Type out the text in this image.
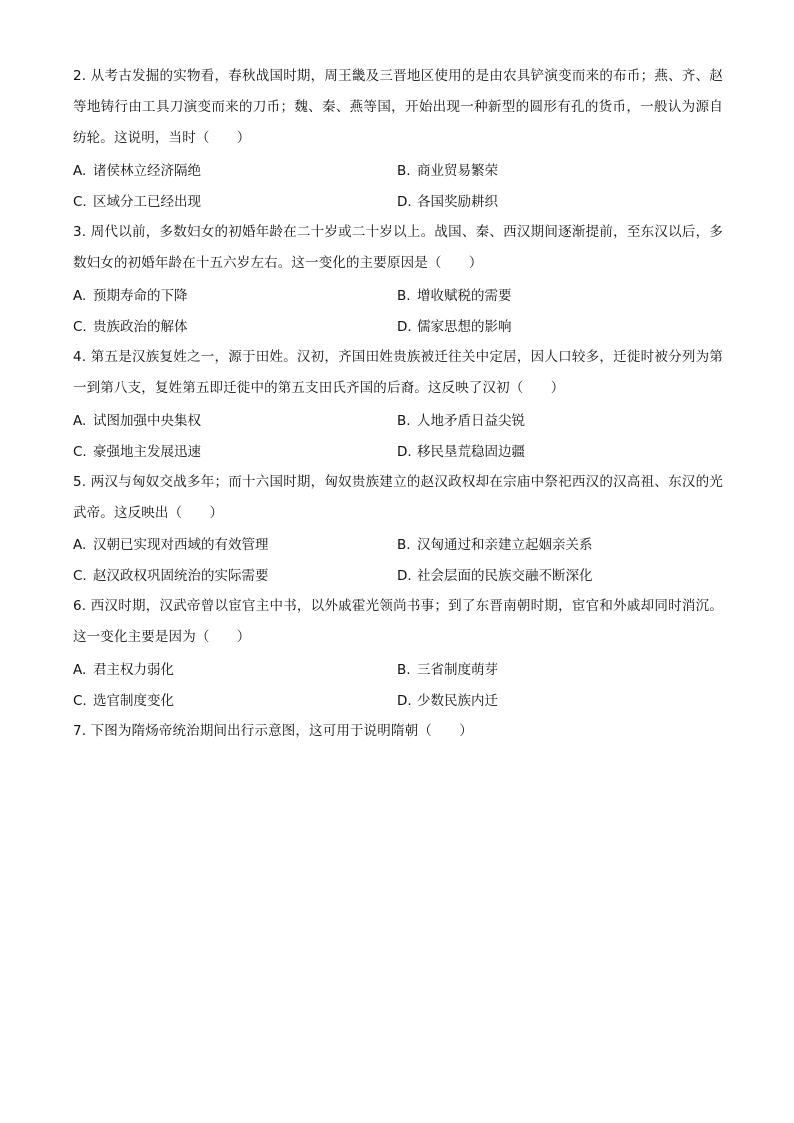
2. 从考古发掘的实物看，春秋战国时期，周王畿及三晋地区使用的是由农具铲演变而来的布币；燕、齐、赵等地铸行由工具刀演变而来的刀币；魏、秦、燕等国，开始出现一种新型的圆形有孔的货币，一般认为源自纺轮。这说明，当时（　　）
A. 诸侯林立经济隔绝	B. 商业贸易繁荣
C. 区域分工已经出现	D. 各国奖励耕织
3. 周代以前，多数妇女的初婚年龄在二十岁或二十岁以上。战国、秦、西汉期间逐渐提前，至东汉以后，多数妇女的初婚年龄在十五六岁左右。这一变化的主要原因是（　　）
A. 预期寿命的下降	B. 增收赋税的需要
C. 贵族政治的解体	D. 儒家思想的影响
4. 第五是汉族复姓之一，源于田姓。汉初，齐国田姓贵族被迁往关中定居，因人口较多，迁徙时被分列为第一到第八支，复姓第五即迁徙中的第五支田氏齐国的后裔。这反映了汉初（　　）
A. 试图加强中央集权	B. 人地矛盾日益尖锐
C. 豪强地主发展迅速	D. 移民垦荒稳固边疆
5. 两汉与匈奴交战多年；而十六国时期，匈奴贵族建立的赵汉政权却在宗庙中祭祀西汉的汉高祖、东汉的光武帝。这反映出（　　）
A. 汉朝已实现对西域的有效管理	B. 汉匈通过和亲建立起姻亲关系
C. 赵汉政权巩固统治的实际需要	D. 社会层面的民族交融不断深化
6. 西汉时期，汉武帝曾以宦官主中书，以外戚霍光领尚书事；到了东晋南朝时期，宦官和外戚却同时消沉。这一变化主要是因为（　　）
A. 君主权力弱化	B. 三省制度萌芽
C. 选官制度变化	D. 少数民族内迁
7. 下图为隋炀帝统治期间出行示意图，这可用于说明隋朝（　　）
